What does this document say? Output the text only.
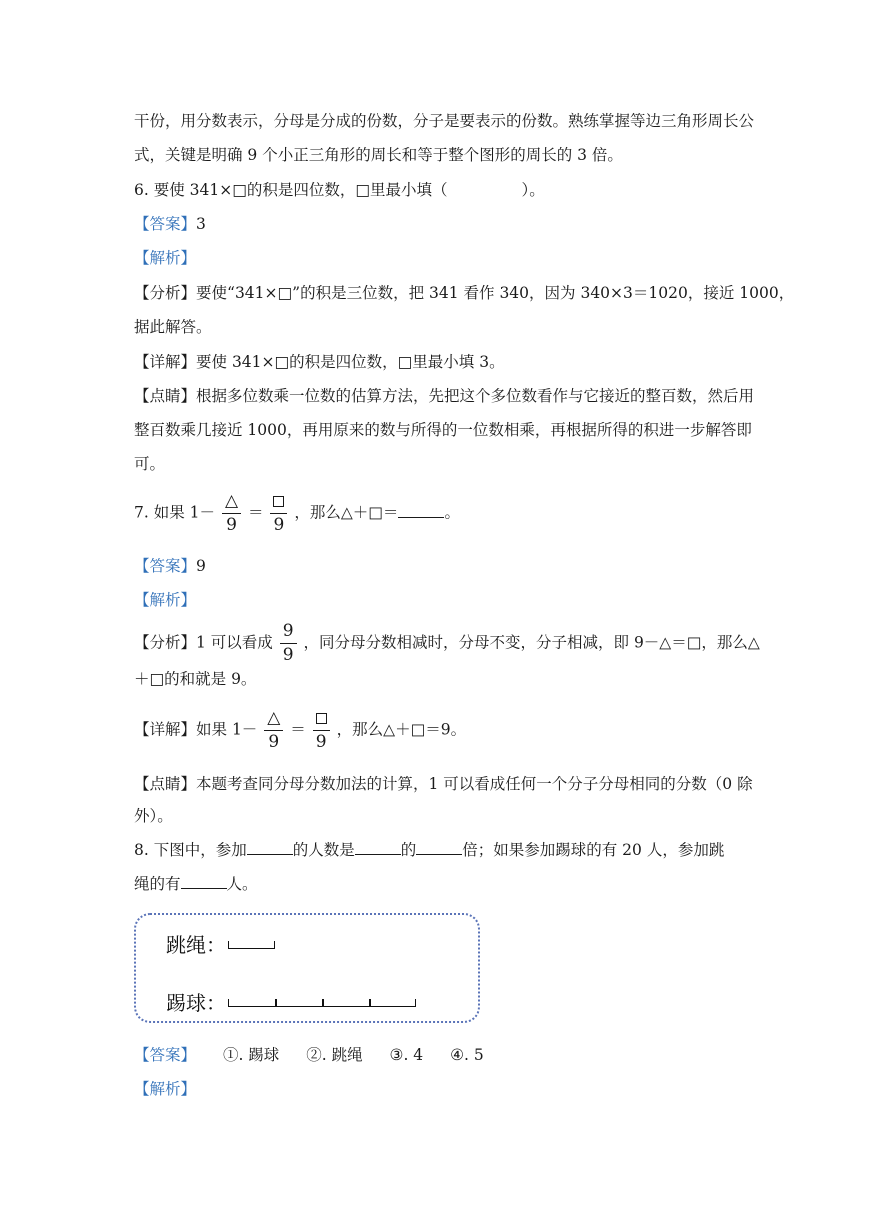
干份，用分数表示，分母是分成的份数，分子是要表示的份数。熟练掌握等边三角形周长公
式，关键是明确 9 个小正三角形的周长和等于整个图形的周长的 3 倍。
6. 要使 341×□的积是四位数，□里最小填（	）。
【答案】3
【解析】
【分析】要使“341×□”的积是三位数，把 341 看作 340，因为 340×3＝1020，接近 1000，
据此解答。
【详解】要使 341×□的积是四位数，□里最小填 3。
【点睛】根据多位数乘一位数的估算方法，先把这个多位数看作与它接近的整百数，然后用
整百数乘几接近 1000，再用原来的数与所得的一位数相乘，再根据所得的积进一步解答即
可。
7. 如果 $1- \frac{\triangle}{9}$ ＝
9
，那么△＋□＝	。
【答案】9
【解析】
【分析】1 可以看成 $\frac{9}{9}$ ，同分母分数相减时，分母不变，分子相减，即 9－△＝□，那么△
＋□的和就是 9。
【详解】如果 $1- \frac{\triangle}{9}$ ＝
9
，那么△＋□＝9。
【点睛】本题考查同分母分数加法的计算，1 可以看成任何一个分子分母相同的分数（0 除
外）。
8. 下图中，参加	的人数是	的	倍；如果参加踢球的有 20 人，参加跳
绳的有	人。
跳绳：
踢球：
【答案】 ①. 踢球 ②. 跳绳 ③. 4 ④. 5
【解析】
